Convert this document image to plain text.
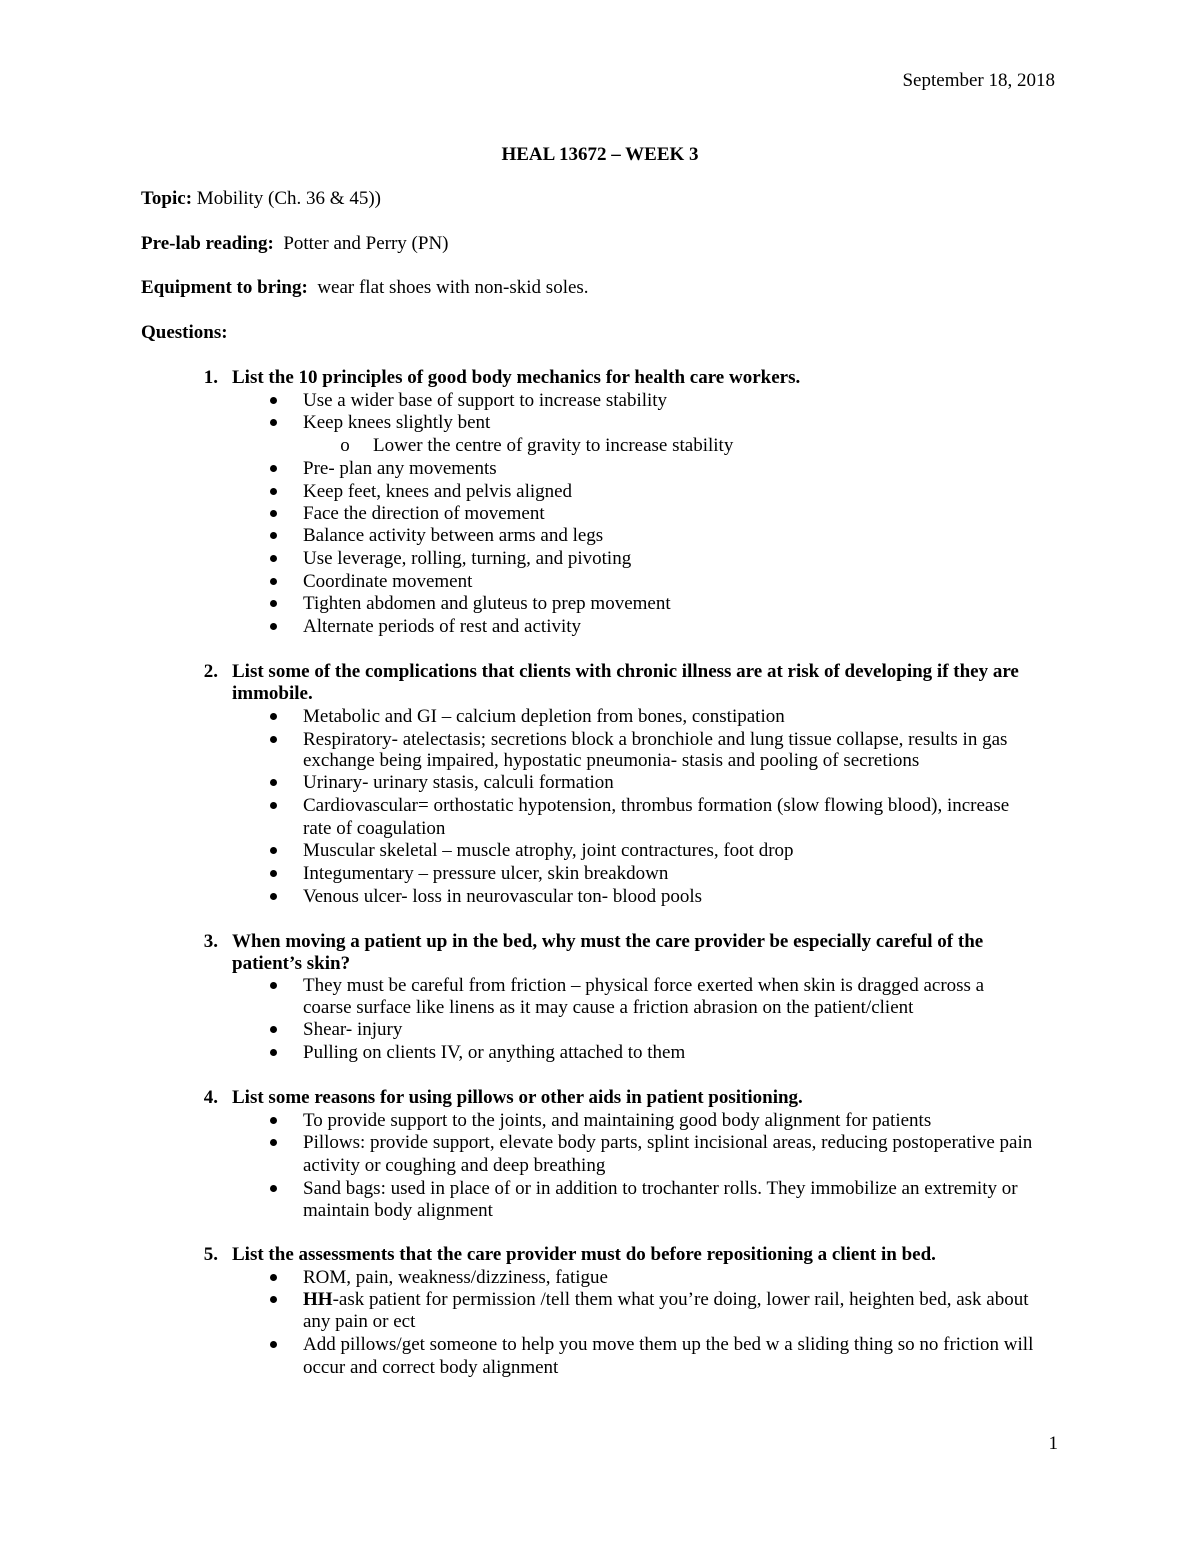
September 18, 2018
HEAL 13672 – WEEK 3
Topic: Mobility (Ch. 36 & 45))
Pre-lab reading:  Potter and Perry (PN)
Equipment to bring:  wear flat shoes with non-skid soles.
Questions:
1. List the 10 principles of good body mechanics for health care workers.
Use a wider base of support to increase stability
Keep knees slightly bent
o Lower the centre of gravity to increase stability
Pre- plan any movements
Keep feet, knees and pelvis aligned
Face the direction of movement
Balance activity between arms and legs
Use leverage, rolling, turning, and pivoting
Coordinate movement
Tighten abdomen and gluteus to prep movement
Alternate periods of rest and activity
2. List some of the complications that clients with chronic illness are at risk of developing if they are
immobile.
Metabolic and GI – calcium depletion from bones, constipation
Respiratory- atelectasis; secretions block a bronchiole and lung tissue collapse, results in gas
exchange being impaired, hypostatic pneumonia- stasis and pooling of secretions
Urinary- urinary stasis, calculi formation
Cardiovascular= orthostatic hypotension, thrombus formation (slow flowing blood), increase
rate of coagulation
Muscular skeletal – muscle atrophy, joint contractures, foot drop
Integumentary – pressure ulcer, skin breakdown
Venous ulcer- loss in neurovascular ton- blood pools
3. When moving a patient up in the bed, why must the care provider be especially careful of the
patient’s skin?
They must be careful from friction – physical force exerted when skin is dragged across a
coarse surface like linens as it may cause a friction abrasion on the patient/client
Shear- injury
Pulling on clients IV, or anything attached to them
4. List some reasons for using pillows or other aids in patient positioning.
To provide support to the joints, and maintaining good body alignment for patients
Pillows: provide support, elevate body parts, splint incisional areas, reducing postoperative pain
activity or coughing and deep breathing
Sand bags: used in place of or in addition to trochanter rolls. They immobilize an extremity or
maintain body alignment
5. List the assessments that the care provider must do before repositioning a client in bed.
ROM, pain, weakness/dizziness, fatigue
HH-ask patient for permission /tell them what you’re doing, lower rail, heighten bed, ask about
any pain or ect
Add pillows/get someone to help you move them up the bed w a sliding thing so no friction will
occur and correct body alignment
1
